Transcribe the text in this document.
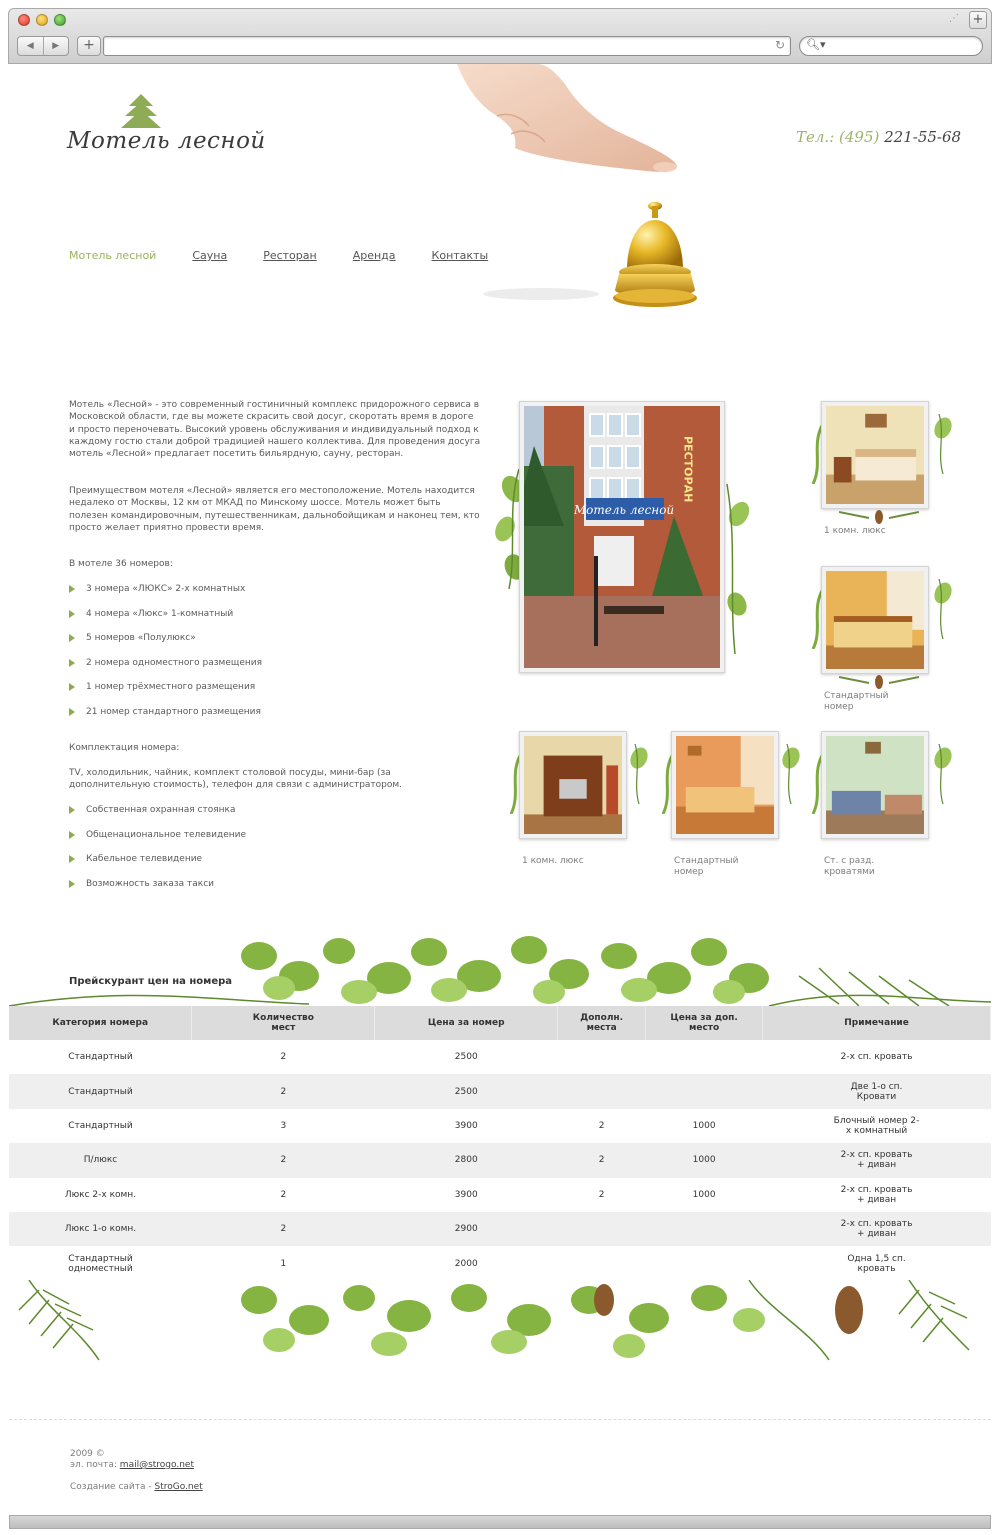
⋰ +
◀	▶	+	↻ 🔍︎▾
Мотель лесной	Тел.: (495) 221-55-68
Мотель лесной	Сауна	Ресторан	Аренда	Контакты

Мотель «Лесной» - это современный гостиничный комплекс придорожного сервиса в Московской области, где вы можете скрасить свой досуг, скоротать время в дороге и просто переночевать. Высокий уровень обслуживания и индивидуальный подход к каждому гостю стали доброй традицией нашего коллектива. Для проведения досуга мотель «Лесной» предлагает посетить бильярдную, сауну, ресторан.

Преимуществом мотеля «Лесной» является его местоположение. Мотель находится недалеко от Москвы, 12 км от МКАД по Минскому шоссе. Мотель может быть полезен командировочным, путешественникам, дальнобойщикам и наконец тем, кто просто желает приятно провести время.

В мотеле 36 номеров:

3 номера «ЛЮКС» 2-х комнатных
4 номера «Люкс» 1-комнатный
5 номеров «Полулюкс»
2 номера одноместного размещения
1 номер трёхместного размещения
21 номер стандартного размещения

Комплектация номера:

TV, холодильник, чайник, комплект столовой посуды, мини-бар (за дополнительную стоимость), телефон для связи с администратором.

Собственная охранная стоянка
Общенациональное телевидение
Кабельное телевидение
Возможность заказа такси
Мотель лесной
РЕСТОРАН
1 комн. люкс
Стандартный номер
1 комн. люкс	Стандартный номер
Ст. с разд. кроватями
Прейскурант цен на номера
Категория номера	Количество мест	Цена за номер	Дополн. места	Цена за доп. место	Примечание
Стандартный	2	2500			2-х сп. кровать
Стандартный	2	2500			Две 1-о сп. Кровати
Стандартный	3	3900	2	1000	Блочный номер 2-х комнатный
П/люкс	2	2800	2	1000	2-х сп. кровать + диван
Люкс 2-х комн.	2	3900	2	1000	2-х сп. кровать + диван
Люкс 1-о комн.	2	2900			2-х сп. кровать + диван
Стандартный одноместный	1	2000			Одна 1,5 сп. кровать
2009 ©
эл. почта: mail@strogo.net
Создание сайта - StroGo.net
